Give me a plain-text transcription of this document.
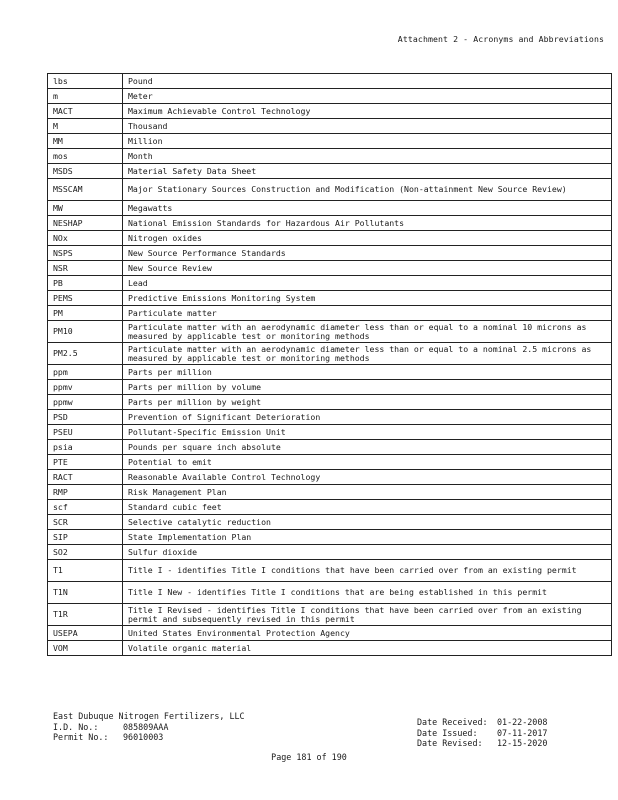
Attachment 2 - Acronyms and Abbreviations
lbs	Pound
m	Meter
MACT	Maximum Achievable Control Technology
M	Thousand
MM	Million
mos	Month
MSDS	Material Safety Data Sheet
MSSCAM	Major Stationary Sources Construction and Modification (Non-attainment New Source Review)
MW	Megawatts
NESHAP	National Emission Standards for Hazardous Air Pollutants
NOx	Nitrogen oxides
NSPS	New Source Performance Standards
NSR	New Source Review
PB	Lead
PEMS	Predictive Emissions Monitoring System
PM	Particulate matter
PM10	Particulate matter with an aerodynamic diameter less than or equal to a nominal 10 microns as measured by applicable test or monitoring methods
PM2.5	Particulate matter with an aerodynamic diameter less than or equal to a nominal 2.5 microns as measured by applicable test or monitoring methods
ppm	Parts per million
ppmv	Parts per million by volume
ppmw	Parts per million by weight
PSD	Prevention of Significant Deterioration
PSEU	Pollutant-Specific Emission Unit
psia	Pounds per square inch absolute
PTE	Potential to emit
RACT	Reasonable Available Control Technology
RMP	Risk Management Plan
scf	Standard cubic feet
SCR	Selective catalytic reduction
SIP	State Implementation Plan
SO2	Sulfur dioxide
T1	Title I - identifies Title I conditions that have been carried over from an existing permit
T1N	Title I New - identifies Title I conditions that are being established in this permit
T1R	Title I Revised - identifies Title I conditions that have been carried over from an existing permit and subsequently revised in this permit
USEPA	United States Environmental Protection Agency
VOM	Volatile organic material
East Dubuque Nitrogen Fertilizers, LLC
I.D. No.:	085809AAA
Permit No.: 96010003
Date Received: 01-22-2008
Date Issued: 07-11-2017
Date Revised: 12-15-2020
Page 181 of 190
